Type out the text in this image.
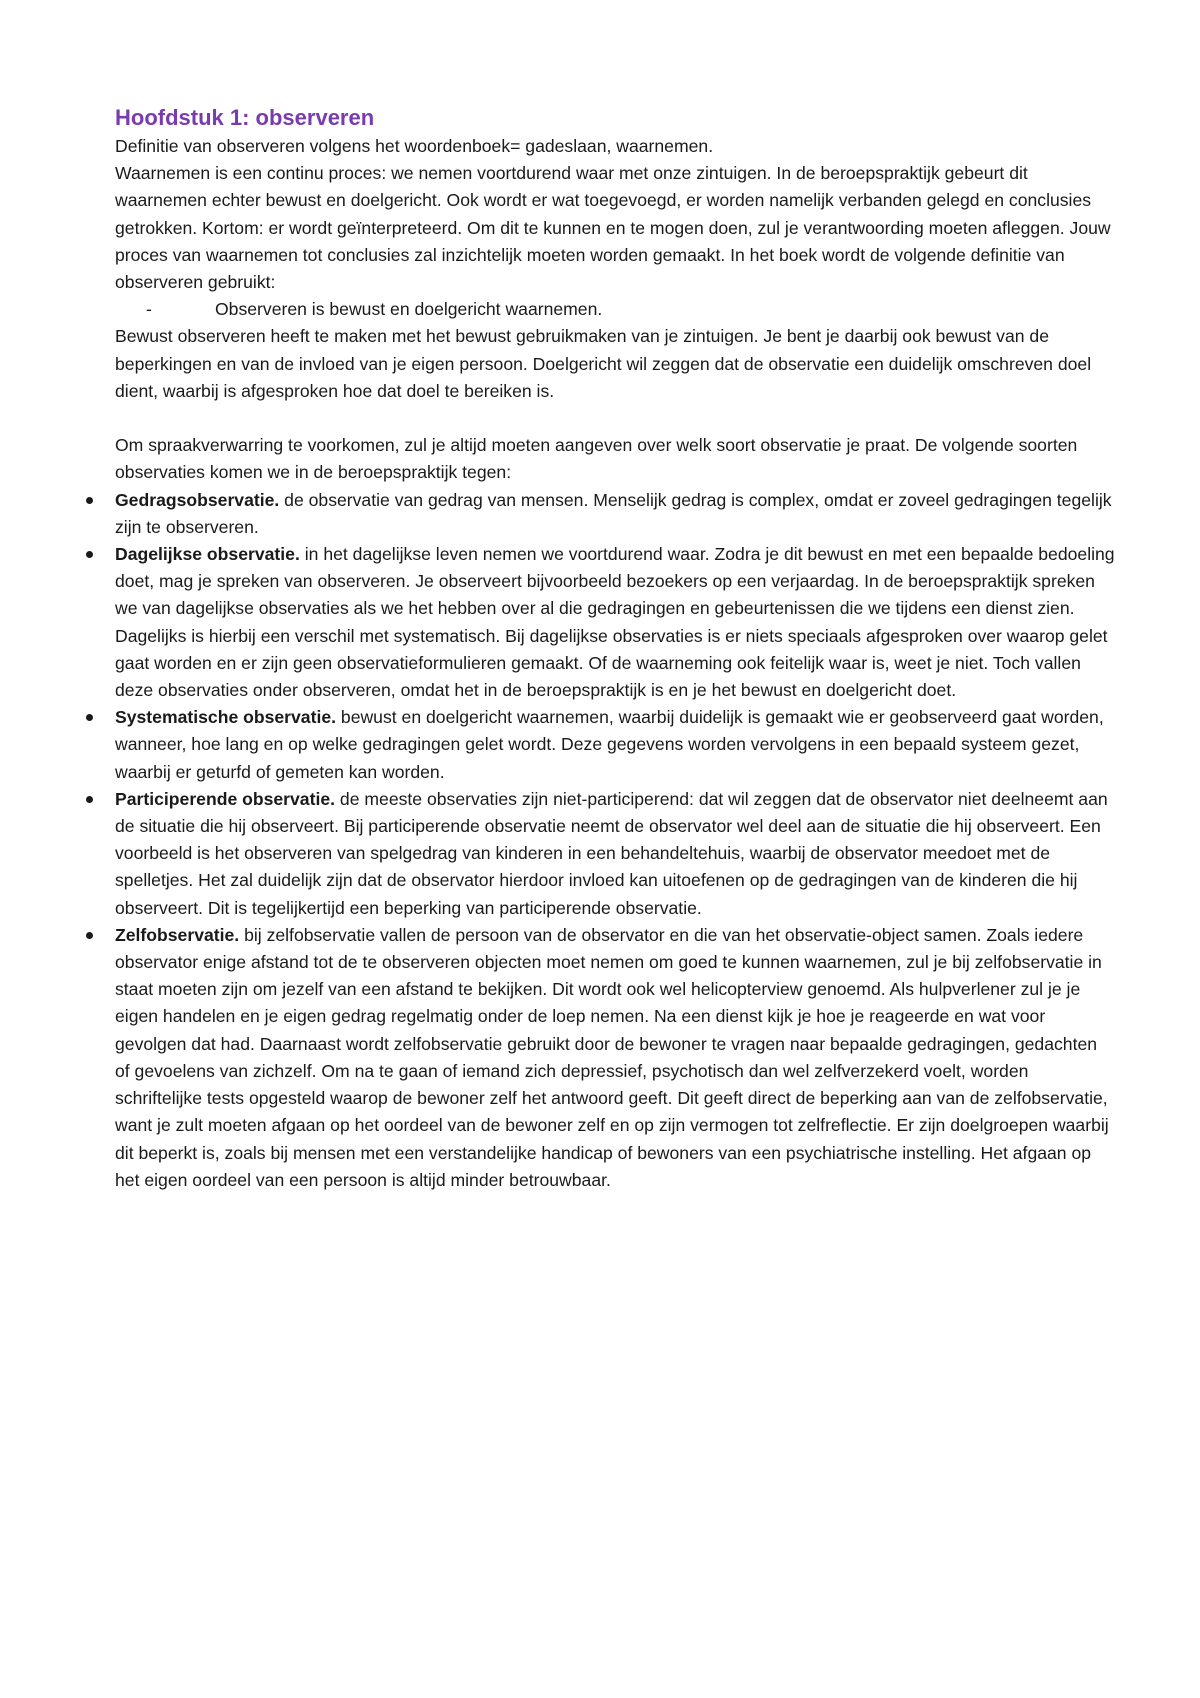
Hoofdstuk 1: observeren

Definitie van observeren volgens het woordenboek= gadeslaan, waarnemen.

Waarnemen is een continu proces: we nemen voortdurend waar met onze zintuigen. In de beroepspraktijk gebeurt dit waarnemen echter bewust en doelgericht. Ook wordt er wat toegevoegd, er worden namelijk verbanden gelegd en conclusies getrokken. Kortom: er wordt geïnterpreteerd. Om dit te kunnen en te mogen doen, zul je verantwoording moeten afleggen. Jouw proces van waarnemen tot conclusies zal inzichtelijk moeten worden gemaakt. In het boek wordt de volgende definitie van observeren gebruikt:

-	Observeren is bewust en doelgericht waarnemen.

Bewust observeren heeft te maken met het bewust gebruikmaken van je zintuigen. Je bent je daarbij ook bewust van de beperkingen en van de invloed van je eigen persoon. Doelgericht wil zeggen dat de observatie een duidelijk omschreven doel dient, waarbij is afgesproken hoe dat doel te bereiken is.

Om spraakverwarring te voorkomen, zul je altijd moeten aangeven over welk soort observatie je praat. De volgende soorten observaties komen we in de beroepspraktijk tegen:

Gedragsobservatie. de observatie van gedrag van mensen. Menselijk gedrag is complex, omdat er zoveel gedragingen tegelijk zijn te observeren.
Dagelijkse observatie. in het dagelijkse leven nemen we voortdurend waar. Zodra je dit bewust en met een bepaalde bedoeling doet, mag je spreken van observeren. Je observeert bijvoorbeeld bezoekers op een verjaardag. In de beroepspraktijk spreken we van dagelijkse observaties als we het hebben over al die gedragingen en gebeurtenissen die we tijdens een dienst zien. Dagelijks is hierbij een verschil met systematisch. Bij dagelijkse observaties is er niets speciaals afgesproken over waarop gelet gaat worden en er zijn geen observatieformulieren gemaakt. Of de waarneming ook feitelijk waar is, weet je niet. Toch vallen deze observaties onder observeren, omdat het in de beroepspraktijk is en je het bewust en doelgericht doet.
Systematische observatie. bewust en doelgericht waarnemen, waarbij duidelijk is gemaakt wie er geobserveerd gaat worden, wanneer, hoe lang en op welke gedragingen gelet wordt. Deze gegevens worden vervolgens in een bepaald systeem gezet, waarbij er geturfd of gemeten kan worden.
Participerende observatie. de meeste observaties zijn niet-participerend: dat wil zeggen dat de observator niet deelneemt aan de situatie die hij observeert. Bij participerende observatie neemt de observator wel deel aan de situatie die hij observeert. Een voorbeeld is het observeren van spelgedrag van kinderen in een behandeltehuis, waarbij de observator meedoet met de spelletjes. Het zal duidelijk zijn dat de observator hierdoor invloed kan uitoefenen op de gedragingen van de kinderen die hij observeert. Dit is tegelijkertijd een beperking van participerende observatie.
Zelfobservatie. bij zelfobservatie vallen de persoon van de observator en die van het observatie-object samen. Zoals iedere observator enige afstand tot de te observeren objecten moet nemen om goed te kunnen waarnemen, zul je bij zelfobservatie in staat moeten zijn om jezelf van een afstand te bekijken. Dit wordt ook wel helicopterview genoemd. Als hulpverlener zul je je eigen handelen en je eigen gedrag regelmatig onder de loep nemen. Na een dienst kijk je hoe je reageerde en wat voor gevolgen dat had. Daarnaast wordt zelfobservatie gebruikt door de bewoner te vragen naar bepaalde gedragingen, gedachten of gevoelens van zichzelf. Om na te gaan of iemand zich depressief, psychotisch dan wel zelfverzekerd voelt, worden schriftelijke tests opgesteld waarop de bewoner zelf het antwoord geeft. Dit geeft direct de beperking aan van de zelfobservatie, want je zult moeten afgaan op het oordeel van de bewoner zelf en op zijn vermogen tot zelfreflectie. Er zijn doelgroepen waarbij dit beperkt is, zoals bij mensen met een verstandelijke handicap of bewoners van een psychiatrische instelling. Het afgaan op het eigen oordeel van een persoon is altijd minder betrouwbaar.
